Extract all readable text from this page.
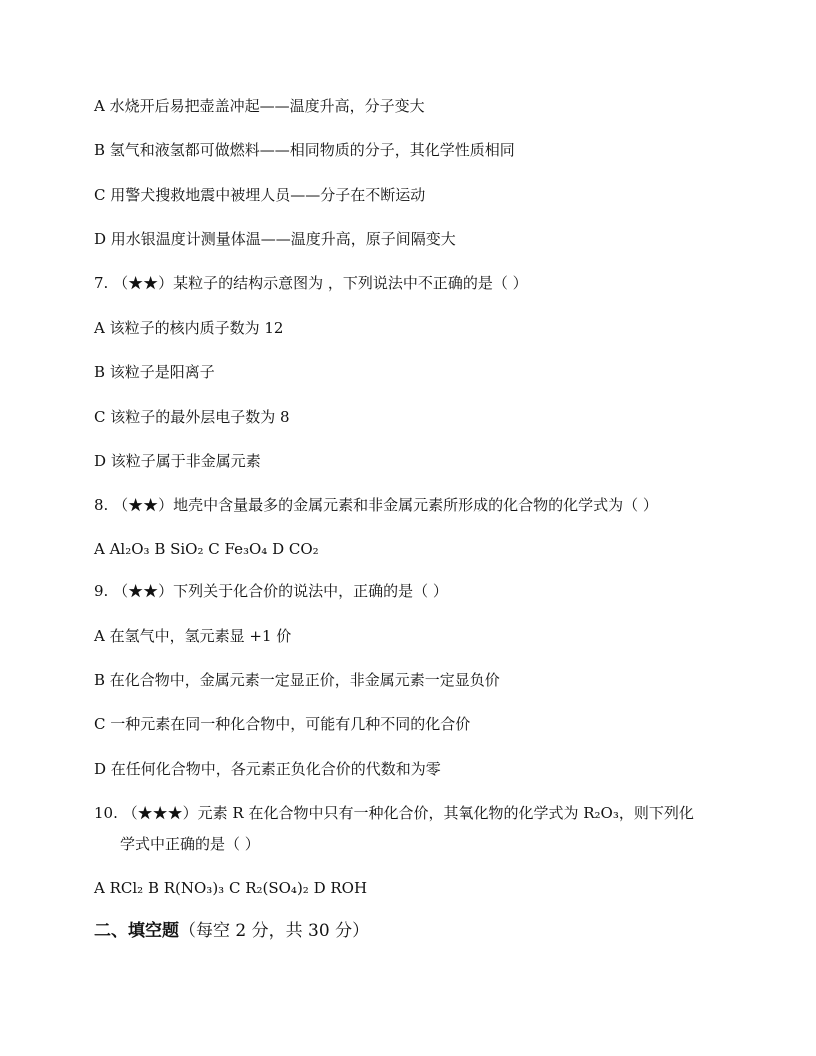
A 水烧开后易把壶盖冲起——温度升高，分子变大
B 氢气和液氢都可做燃料——相同物质的分子，其化学性质相同
C 用警犬搜救地震中被埋人员——分子在不断运动
D 用水银温度计测量体温——温度升高，原子间隔变大
7. （★★）某粒子的结构示意图为 ，下列说法中不正确的是（ ）
A 该粒子的核内质子数为 12
B 该粒子是阳离子
C 该粒子的最外层电子数为 8
D 该粒子属于非金属元素
8. （★★）地壳中含量最多的金属元素和非金属元素所形成的化合物的化学式为（ ）
A Al₂O₃ B SiO₂ C Fe₃O₄ D CO₂
9. （★★）下列关于化合价的说法中，正确的是（ ）
A 在氢气中，氢元素显 +1 价
B 在化合物中，金属元素一定显正价，非金属元素一定显负价
C 一种元素在同一种化合物中，可能有几种不同的化合价
D 在任何化合物中，各元素正负化合价的代数和为零
10. （★★★）元素 R 在化合物中只有一种化合价，其氧化物的化学式为 R₂O₃，则下列化
学式中正确的是（ ）
A RCl₂ B R(NO₃)₃ C R₂(SO₄)₂ D ROH
二、填空题（每空 2 分，共 30 分）
